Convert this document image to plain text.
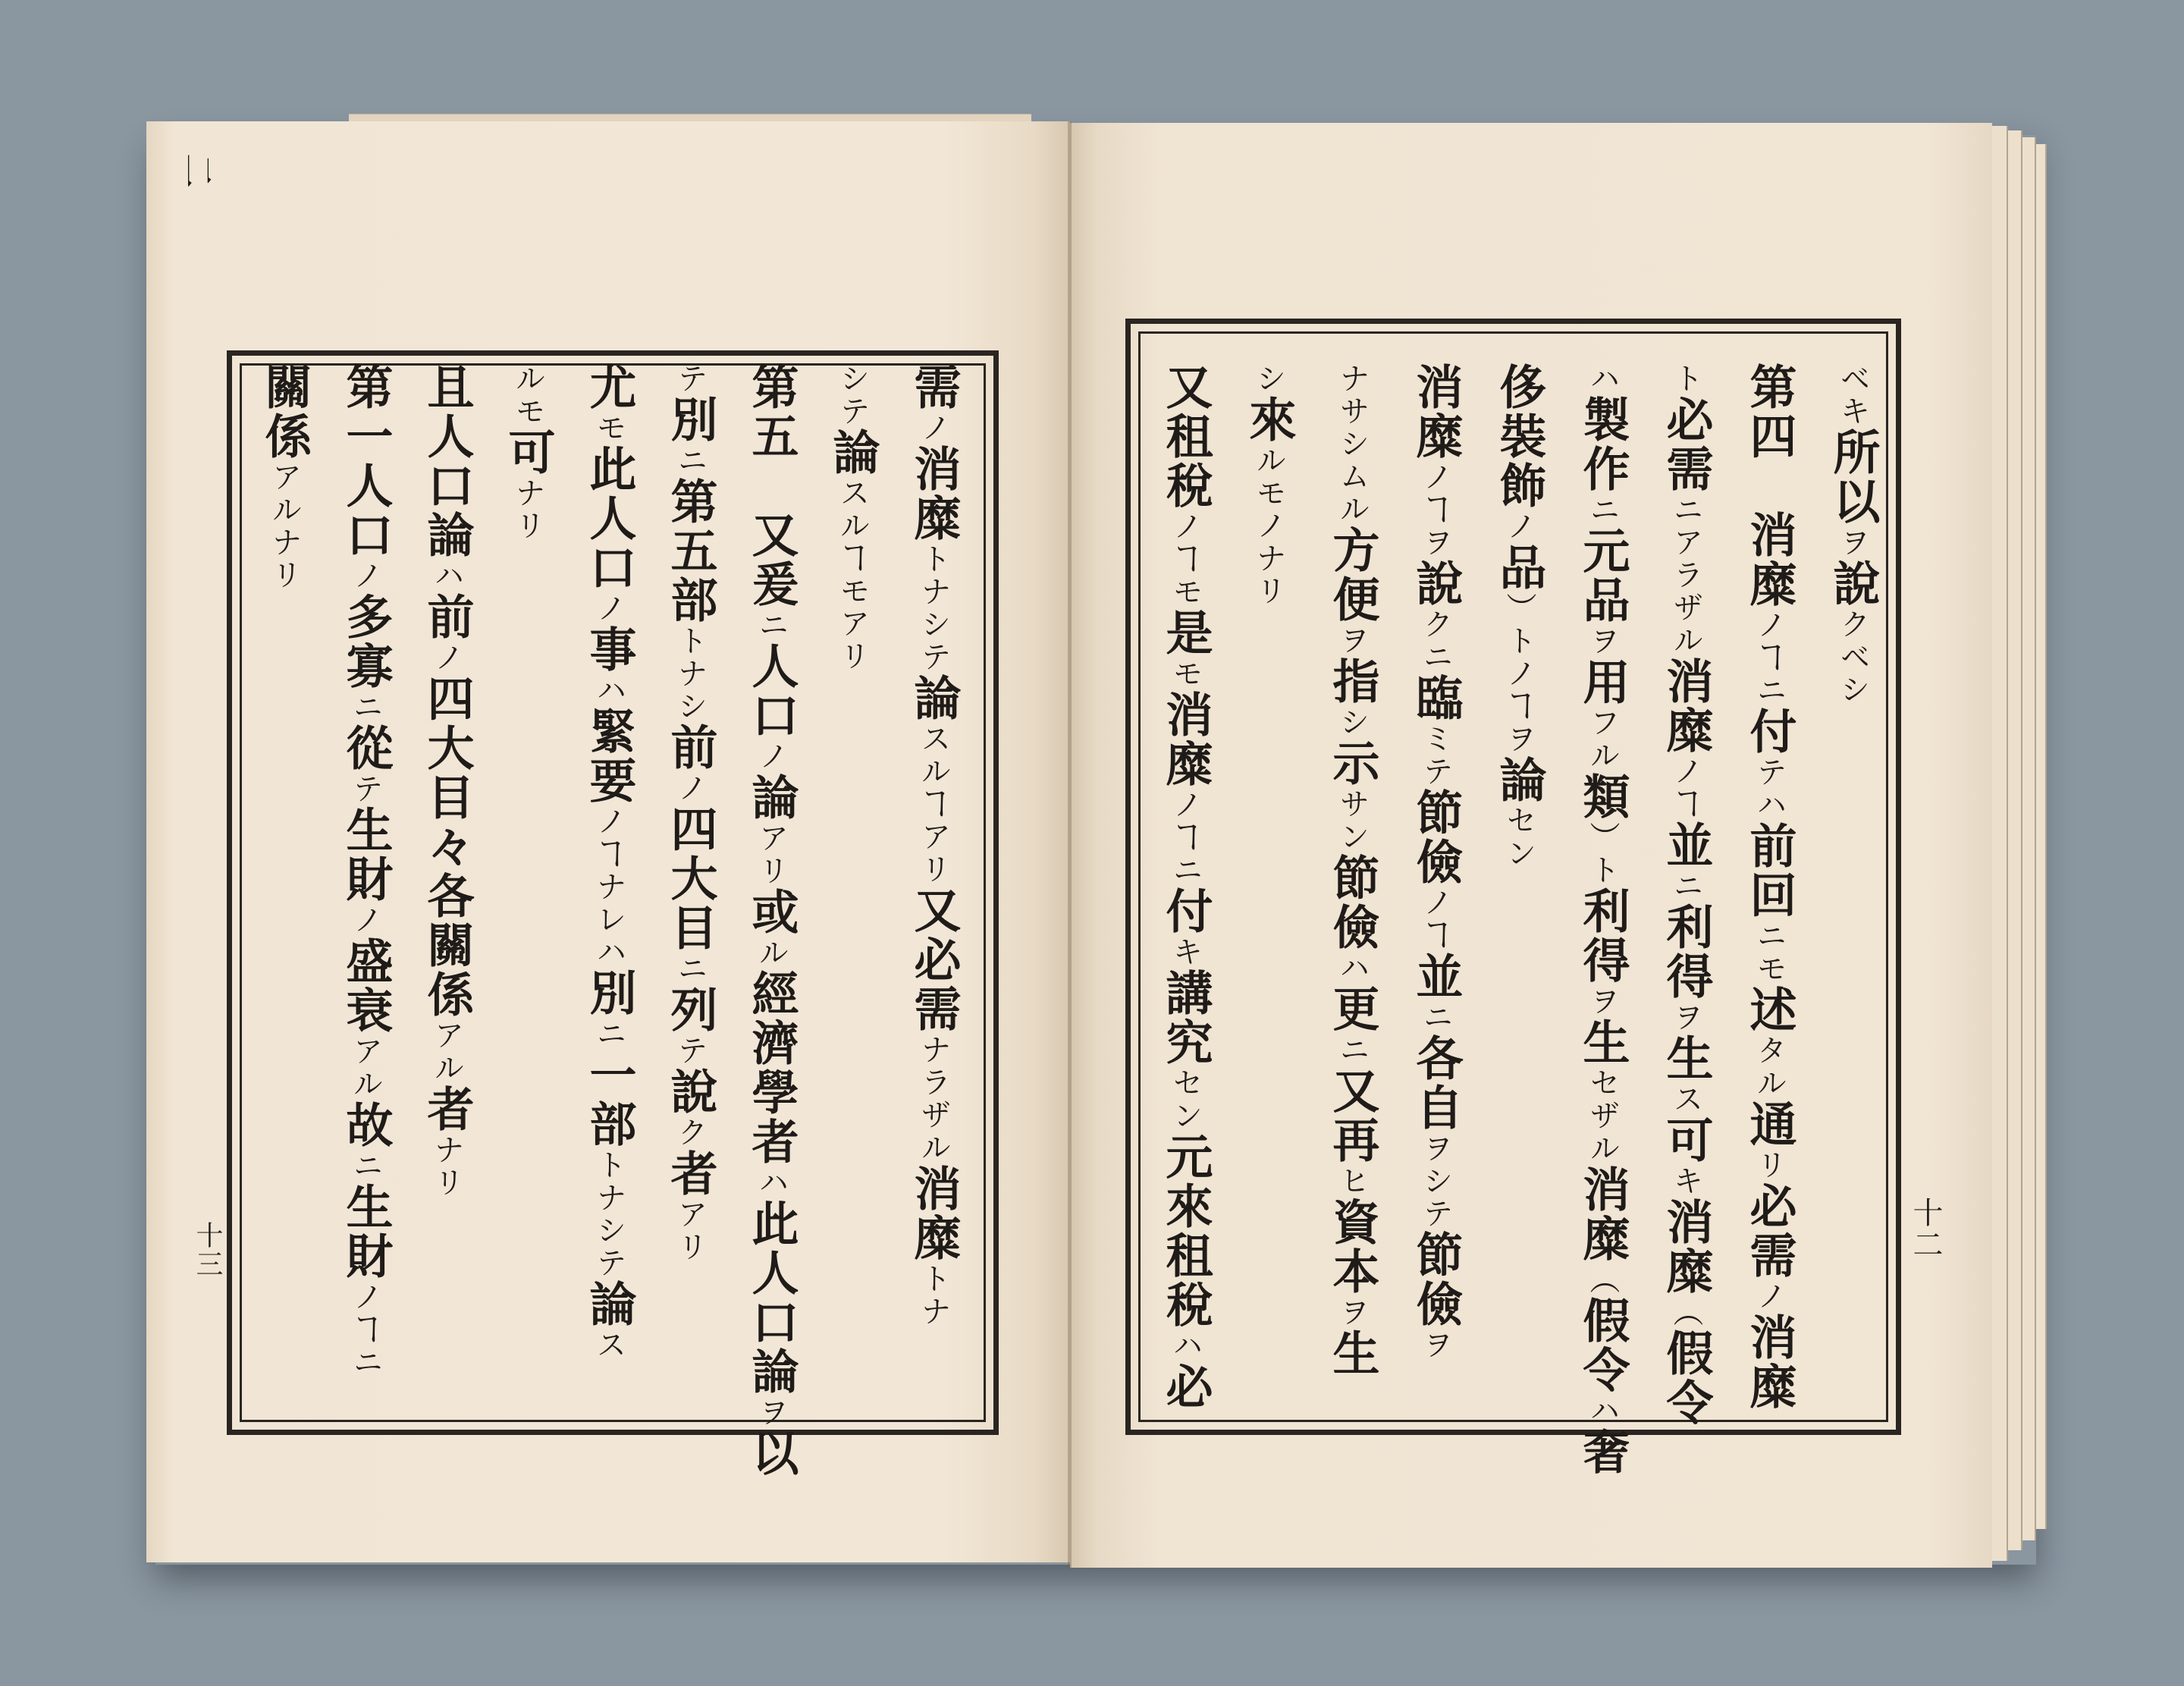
二
需ノ消糜トナシテ論スルヿアリ又必需ナラザル消糜トナ
シテ論スルヿモアリ
第五　又爰ニ人口ノ論アリ或ル經濟學者ハ此人口論ヲ以
テ別ニ第五部トナシ前ノ四大目ニ列テ說ク者アリ
尤モ此人口ノ事ハ緊要ノヿナレハ別ニ一部トナシテ論ス
ルモ可ナリ
且人口論ハ前ノ四大目々各關係アル者ナリ
第一人口ノ多寡ニ從テ生財ノ盛衰アル故ニ生財ノヿニ
關係アルナリ
十三
ベキ所以ヲ說クベシ
第四　消糜ノヿニ付テハ前回ニモ述タル通リ必需ノ消糜
ト必需ニアラザル消糜ノヿ並ニ利得ヲ生ス可キ消糜（假令
ハ製作ニ元品ヲ用フル類）ト利得ヲ生セザル消糜（假令ハ奢
侈裝飾ノ品）トノヿヲ論セン
消糜ノヿヲ說クニ臨ミテ節儉ノヿ並ニ各自ヲシテ節儉ヲ
ナサシムル方便ヲ指シ示サン節儉ハ更ニ又再ヒ資本ヲ生
シ來ルモノナリ
又租稅ノヿモ是モ消糜ノヿニ付キ講究セン元來租稅ハ必
十二
